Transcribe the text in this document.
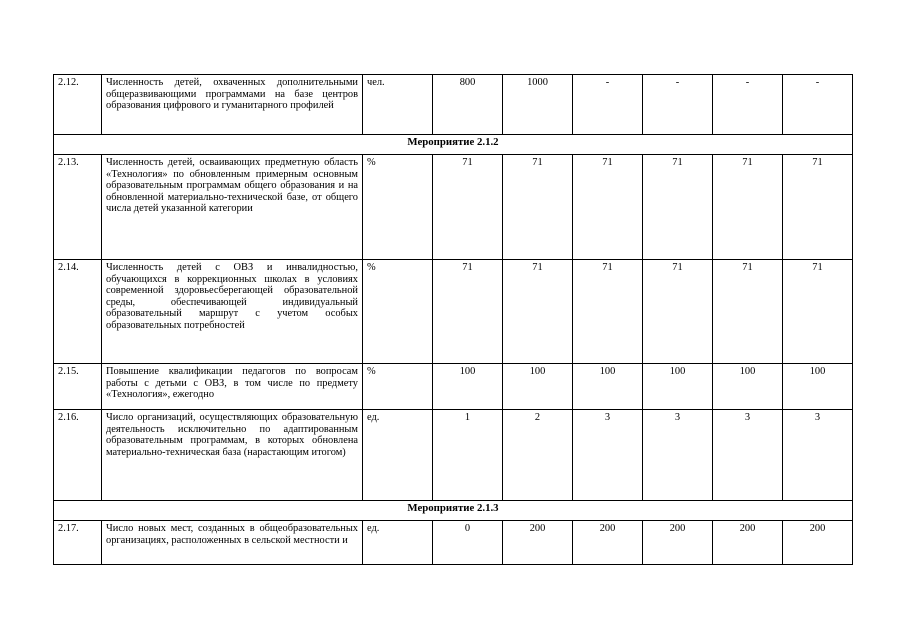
2.12.	Численность детей, охваченных дополнительными общеразвивающими программами на базе центров образования цифрового и гуманитарного профилей	чел.	800	1000	-	-	-	-
Мероприятие 2.1.2								
2.13.	Численность детей, осваивающих предметную область «Технология» по обновленным примерным основным образовательным программам общего образования и на обновленной материально-технической базе, от общего числа детей указанной категории	%	71	71	71	71	71	71
2.14.	Численность детей с ОВЗ и инвалидностью, обучающихся в коррекционных школах в условиях современной здоровьесберегающей образовательной среды, обеспечивающей индивидуальный образовательный маршрут с учетом особых образовательных потребностей	%	71	71	71	71	71	71
2.15.	Повышение квалификации педагогов по вопросам работы с детьми с ОВЗ, в том числе по предмету «Технология», ежегодно	%	100	100	100	100	100	100
2.16.	Число организаций, осуществляющих образовательную деятельность исключительно по адаптированным образовательным программам, в которых обновлена материально-техническая база (нарастающим итогом)	ед.	1	2	3	3	3	3
Мероприятие 2.1.3								
2.17.	Число новых мест, созданных в общеобразовательных организациях, расположенных в сельской местности и	ед.	0	200	200	200	200	200
